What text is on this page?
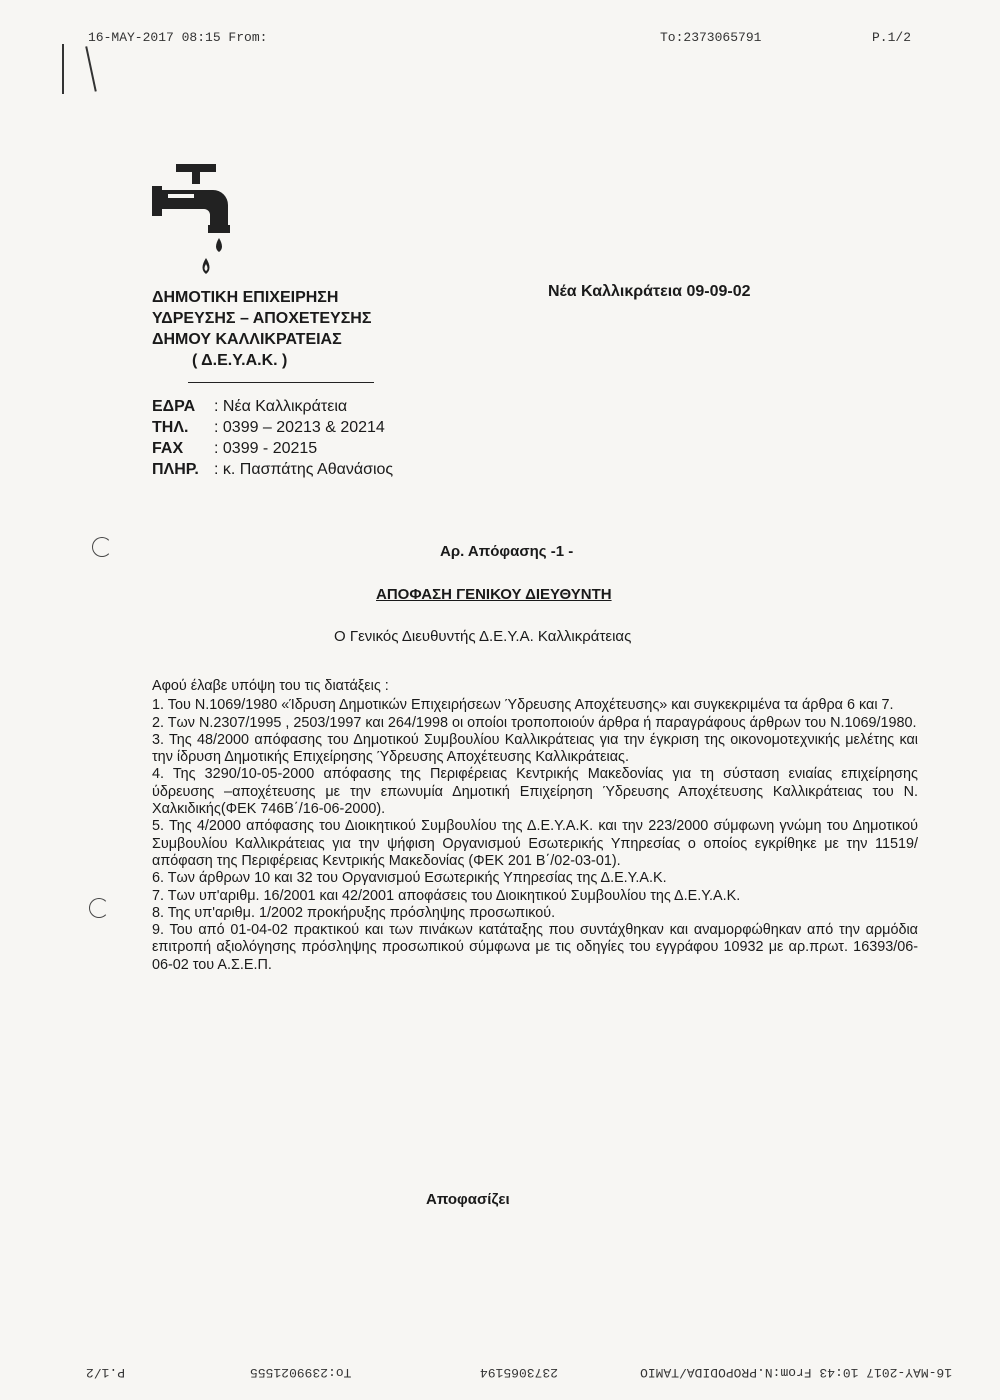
16-MAY-2017 08:15 From:	To:2373065791	P.1/2
ΔΗΜΟΤΙΚΗ ΕΠΙΧΕΙΡΗΣΗ
ΥΔΡΕΥΣΗΣ – ΑΠΟΧΕΤΕΥΣΗΣ
ΔΗΜΟΥ ΚΑΛΛΙΚΡΑΤΕΙΑΣ
( Δ.Ε.Υ.Α.Κ. )
Νέα Καλλικράτεια 09-09-02
ΕΔΡΑ	: Νέα Καλλικράτεια
ΤΗΛ.	: 0399 – 20213 & 20214
FAX	: 0399 - 20215
ΠΛΗΡ. : κ. Πασπάτης Αθανάσιος
Αρ. Απόφασης -1 -
ΑΠΟΦΑΣΗ ΓΕΝΙΚΟΥ ΔΙΕΥΘΥΝΤΗ
Ο Γενικός Διευθυντής Δ.Ε.Υ.Α. Καλλικράτειας

Αφού έλαβε υπόψη του τις διατάξεις :

1. Του Ν.1069/1980 «Ίδρυση Δημοτικών Επιχειρήσεων Ύδρευσης Αποχέτευσης» και συγκεκριμένα τα άρθρα 6 και 7.

2. Των Ν.2307/1995 , 2503/1997 και 264/1998 οι οποίοι τροποποιούν άρθρα ή παραγράφους άρθρων του Ν.1069/1980.

3. Της 48/2000 απόφασης του Δημοτικού Συμβουλίου Καλλικράτειας για την έγκριση της οικονομοτεχνικής μελέτης και την ίδρυση Δημοτικής Επιχείρησης Ύδρευσης Αποχέτευσης Καλλικράτειας.

4. Της 3290/10-05-2000 απόφασης της Περιφέρειας Κεντρικής Μακεδονίας για τη σύσταση ενιαίας επιχείρησης ύδρευσης –αποχέτευσης με την επωνυμία Δημοτική Επιχείρηση Ύδρευσης Αποχέτευσης Καλλικράτειας του Ν. Χαλκιδικής(ΦΕΚ 746Β΄/16-06-2000).

5. Της 4/2000 απόφασης του Διοικητικού Συμβουλίου της Δ.Ε.Υ.Α.Κ. και την 223/2000 σύμφωνη γνώμη του Δημοτικού Συμβουλίου Καλλικράτειας για την ψήφιση Οργανισμού Εσωτερικής Υπηρεσίας ο οποίος εγκρίθηκε με την 11519/ απόφαση της Περιφέρειας Κεντρικής Μακεδονίας (ΦΕΚ 201 Β΄/02-03-01).

6. Των άρθρων 10 και 32 του Οργανισμού Εσωτερικής Υπηρεσίας της Δ.Ε.Υ.Α.Κ.

7. Των υπ'αριθμ. 16/2001 και 42/2001 αποφάσεις του Διοικητικού Συμβουλίου της Δ.Ε.Υ.Α.Κ.

8. Της υπ'αριθμ. 1/2002 προκήρυξης πρόσληψης προσωπικού.

9. Του από 01-04-02 πρακτικού και των πινάκων κατάταξης που συντάχθηκαν και αναμορφώθηκαν από την αρμόδια επιτροπή αξιολόγησης πρόσληψης προσωπικού σύμφωνα με τις οδηγίες του εγγράφου 10932 με αρ.πρωτ. 16393/06-06-02 του Α.Σ.Ε.Π.

Αποφασίζει
16-MAY-2017 10:43 From:N.PROPODIDA/TAMIO
2373065194
To:2399021555
P.1/2
